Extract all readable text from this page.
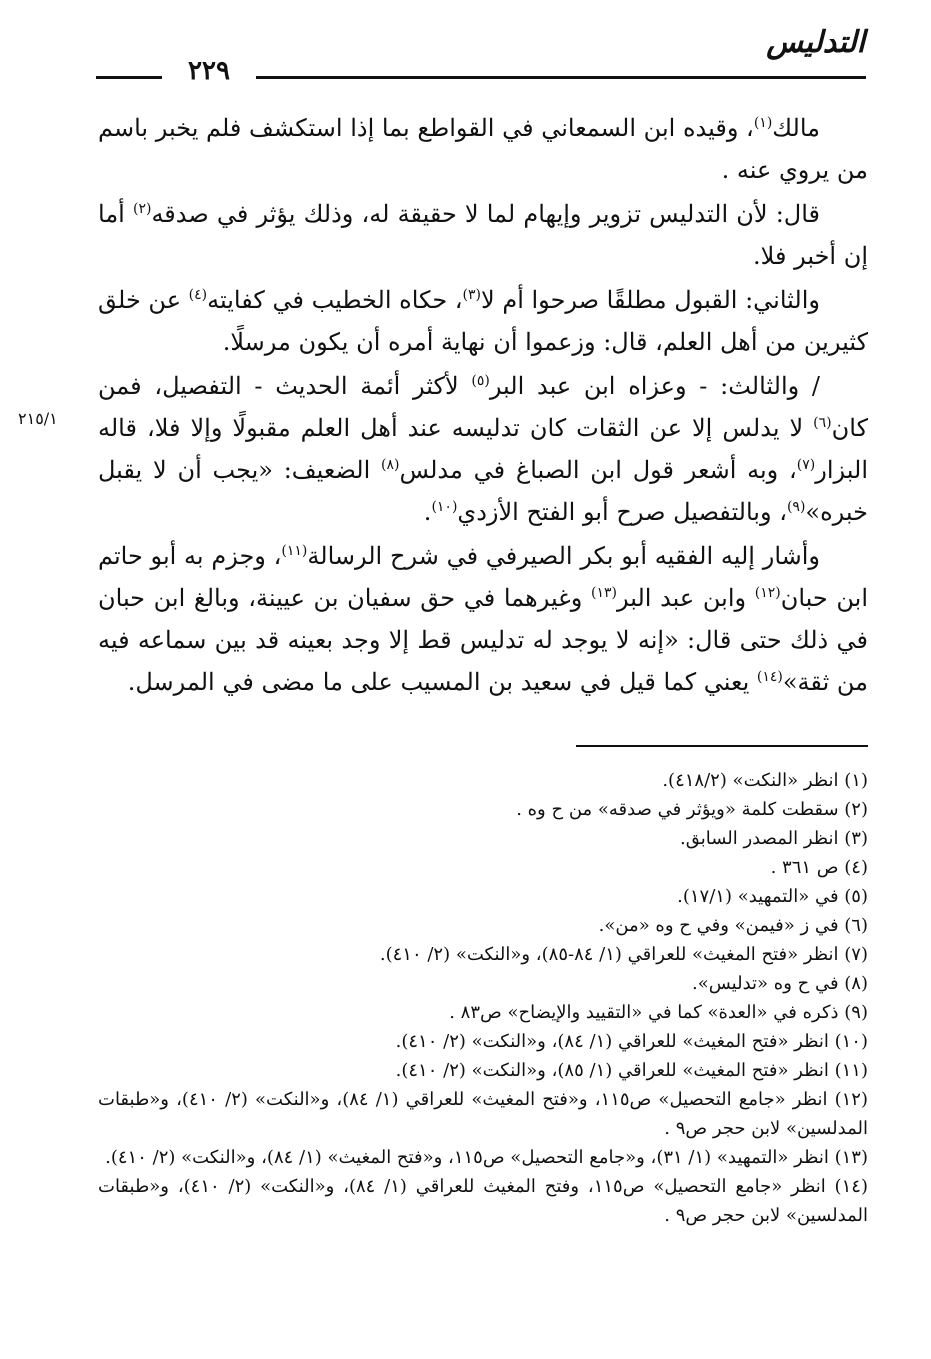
التدليس
٢٢٩
٢١٥/١

مالك$^{(١)}$، وقيده ابن السمعاني في القواطع بما إذا استكشف فلم يخبر باسم من يروي عنه .

قال: لأن التدليس تزوير وإيهام لما لا حقيقة له، وذلك يؤثر في صدقه$^{(٢)}$ أما إن أخبر فلا.

والثاني: القبول مطلقًا صرحوا أم لا$^{(٣)}$، حكاه الخطيب في كفايته$^{(٤)}$ عن خلق كثيرين من أهل العلم، قال: وزعموا أن نهاية أمره أن يكون مرسلًا.

/ والثالث: - وعزاه ابن عبد البر$^{(٥)}$ لأكثر أئمة الحديث - التفصيل، فمن كان$^{(٦)}$ لا يدلس إلا عن الثقات كان تدليسه عند أهل العلم مقبولًا وإلا فلا، قاله البزار$^{(٧)}$، وبه أشعر قول ابن الصباغ في مدلس$^{(٨)}$ الضعيف: «يجب أن لا يقبل خبره»$^{(٩)}$، وبالتفصيل صرح أبو الفتح الأزدي$^{(١٠)}$.

وأشار إليه الفقيه أبو بكر الصيرفي في شرح الرسالة$^{(١١)}$، وجزم به أبو حاتم ابن حبان$^{(١٢)}$ وابن عبد البر$^{(١٣)}$ وغيرهما في حق سفيان بن عيينة، وبالغ ابن حبان في ذلك حتى قال: «إنه لا يوجد له تدليس قط إلا وجد بعينه قد بين سماعه فيه من ثقة»$^{(١٤)}$ يعني كما قيل في سعيد بن المسيب على ما مضى في المرسل.

(١) انظر «النكت» (٤١٨/٢).

(٢) سقطت كلمة «ويؤثر في صدقه» من ح وه .

(٣) انظر المصدر السابق.

(٤) ص ٣٦١ .

(٥) في «التمهيد» (١٧/١).

(٦) في ز «فيمن» وفي ح وه «من».

(٧) انظر «فتح المغيث» للعراقي (١/ ٨٤-٨٥)، و«النكت» (٢/ ٤١٠).

(٨) في ح وه «تدليس».

(٩) ذكره في «العدة» كما في «التقييد والإيضاح» ص٨٣ .

(١٠) انظر «فتح المغيث» للعراقي (١/ ٨٤)، و«النكت» (٢/ ٤١٠).

(١١) انظر «فتح المغيث» للعراقي (١/ ٨٥)، و«النكت» (٢/ ٤١٠).

(١٢) انظر «جامع التحصيل» ص١١٥، و«فتح المغيث» للعراقي (١/ ٨٤)، و«النكت» (٢/ ٤١٠)، و«طبقات المدلسين» لابن حجر ص٩ .

(١٣) انظر «التمهيد» (١/ ٣١)، و«جامع التحصيل» ص١١٥، و«فتح المغيث» (١/ ٨٤)، و«النكت» (٢/ ٤١٠).

(١٤) انظر «جامع التحصيل» ص١١٥، وفتح المغيث للعراقي (١/ ٨٤)، و«النكت» (٢/ ٤١٠)، و«طبقات المدلسين» لابن حجر ص٩ .
